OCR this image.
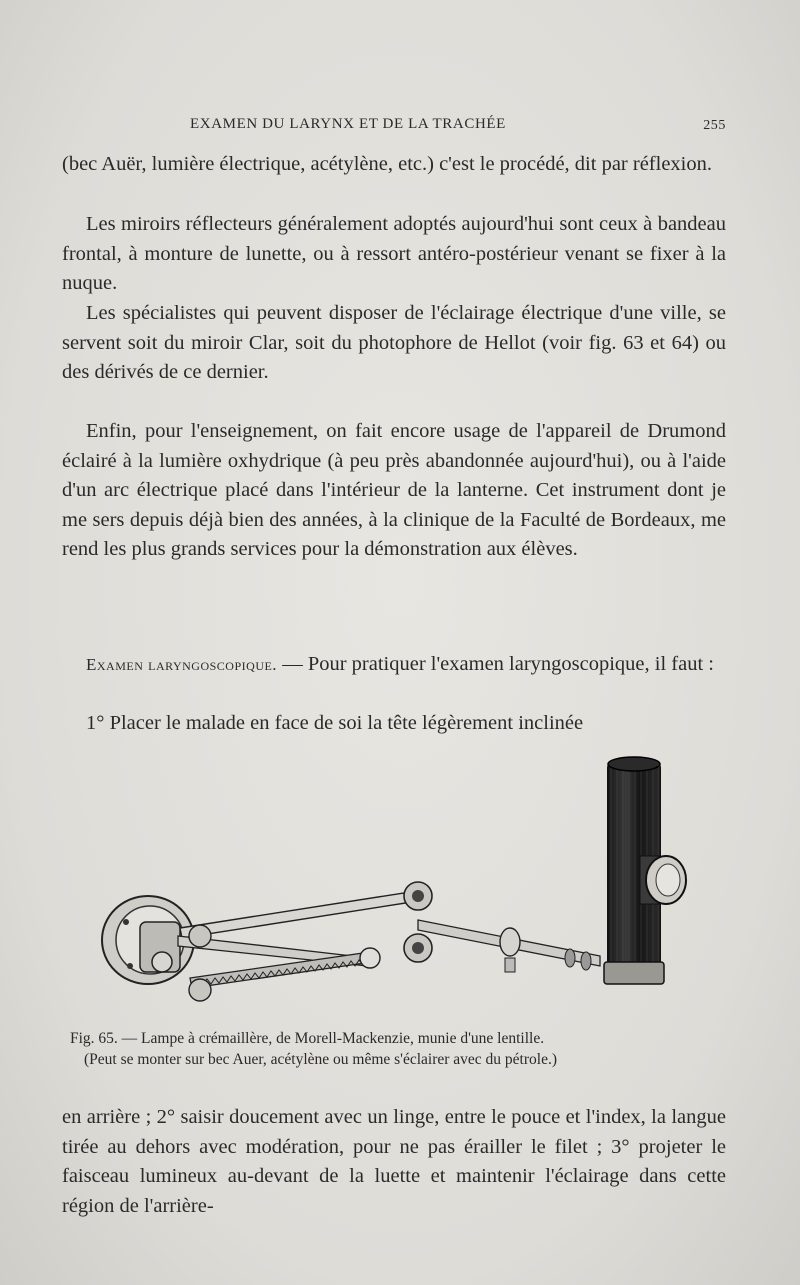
EXAMEN DU LARYNX ET DE LA TRACHÉE	255
(bec Auër, lumière électrique, acétylène, etc.) c'est le procédé, dit par réflexion.
Les miroirs réflecteurs généralement adoptés aujourd'hui sont ceux à bandeau frontal, à monture de lunette, ou à ressort antéro-postérieur venant se fixer à la nuque.
Les spécialistes qui peuvent disposer de l'éclairage électrique d'une ville, se servent soit du miroir Clar, soit du photophore de Hellot (voir fig. 63 et 64) ou des dérivés de ce dernier.
Enfin, pour l'enseignement, on fait encore usage de l'appareil de Drumond éclairé à la lumière oxhydrique (à peu près abandonnée aujourd'hui), ou à l'aide d'un arc électrique placé dans l'intérieur de la lanterne. Cet instrument dont je me sers depuis déjà bien des années, à la clinique de la Faculté de Bordeaux, me rend les plus grands services pour la démonstration aux élèves.
Examen laryngoscopique. — Pour pratiquer l'examen laryngoscopique, il faut :
1° Placer le malade en face de soi la tête légèrement inclinée
Fig. 65. — Lampe à crémaillère, de Morell-Mackenzie, munie d'une lentille.
(Peut se monter sur bec Auer, acétylène ou même s'éclairer avec du pétrole.)
en arrière ; 2° saisir doucement avec un linge, entre le pouce et l'index, la langue tirée au dehors avec modération, pour ne pas érailler le filet ; 3° projeter le faisceau lumineux au-devant de la luette et maintenir l'éclairage dans cette région de l'arrière-
